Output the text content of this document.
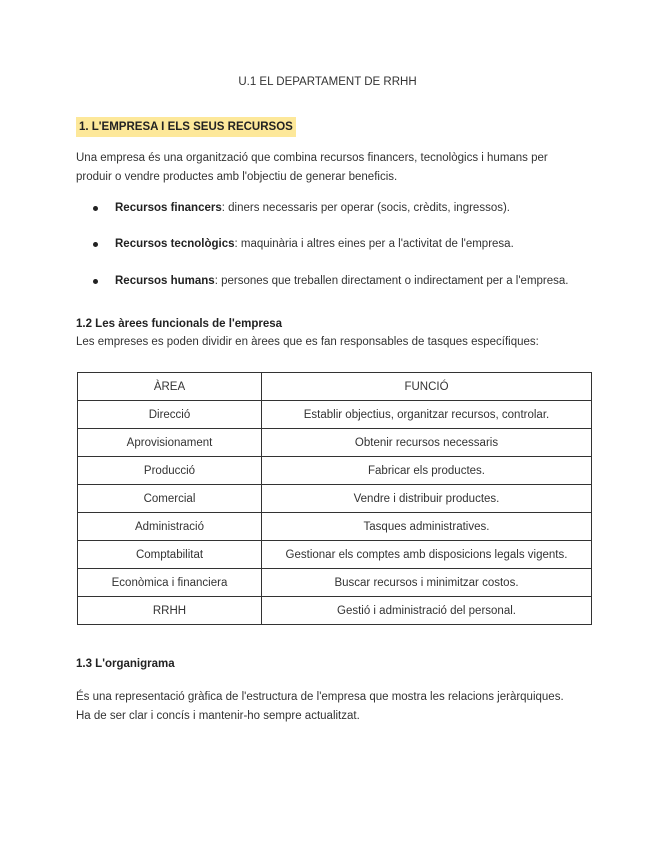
U.1 EL DEPARTAMENT DE RRHH
1. L'EMPRESA I ELS SEUS RECURSOS
Una empresa és una organització que combina recursos financers, tecnològics i humans per
produir o vendre productes amb l'objectiu de generar beneficis.
Recursos financers: diners necessaris per operar (socis, crèdits, ingressos).
Recursos tecnològics: maquinària i altres eines per a l'activitat de l'empresa.
Recursos humans: persones que treballen directament o indirectament per a l'empresa.
1.2 Les àrees funcionals de l'empresa
Les empreses es poden dividir en àrees que es fan responsables de tasques específiques:
ÀREA	FUNCIÓ
Direcció	Establir objectius, organitzar recursos, controlar.
Aprovisionament	Obtenir recursos necessaris
Producció	Fabricar els productes.
Comercial	Vendre i distribuir productes.
Administració	Tasques administratives.
Comptabilitat	Gestionar els comptes amb disposicions legals vigents.
Econòmica i financiera	Buscar recursos i minimitzar costos.
RRHH	Gestió i administració del personal.
1.3 L'organigrama
És una representació gràfica de l'estructura de l'empresa que mostra les relacions jeràrquiques.
Ha de ser clar i concís i mantenir-ho sempre actualitzat.
